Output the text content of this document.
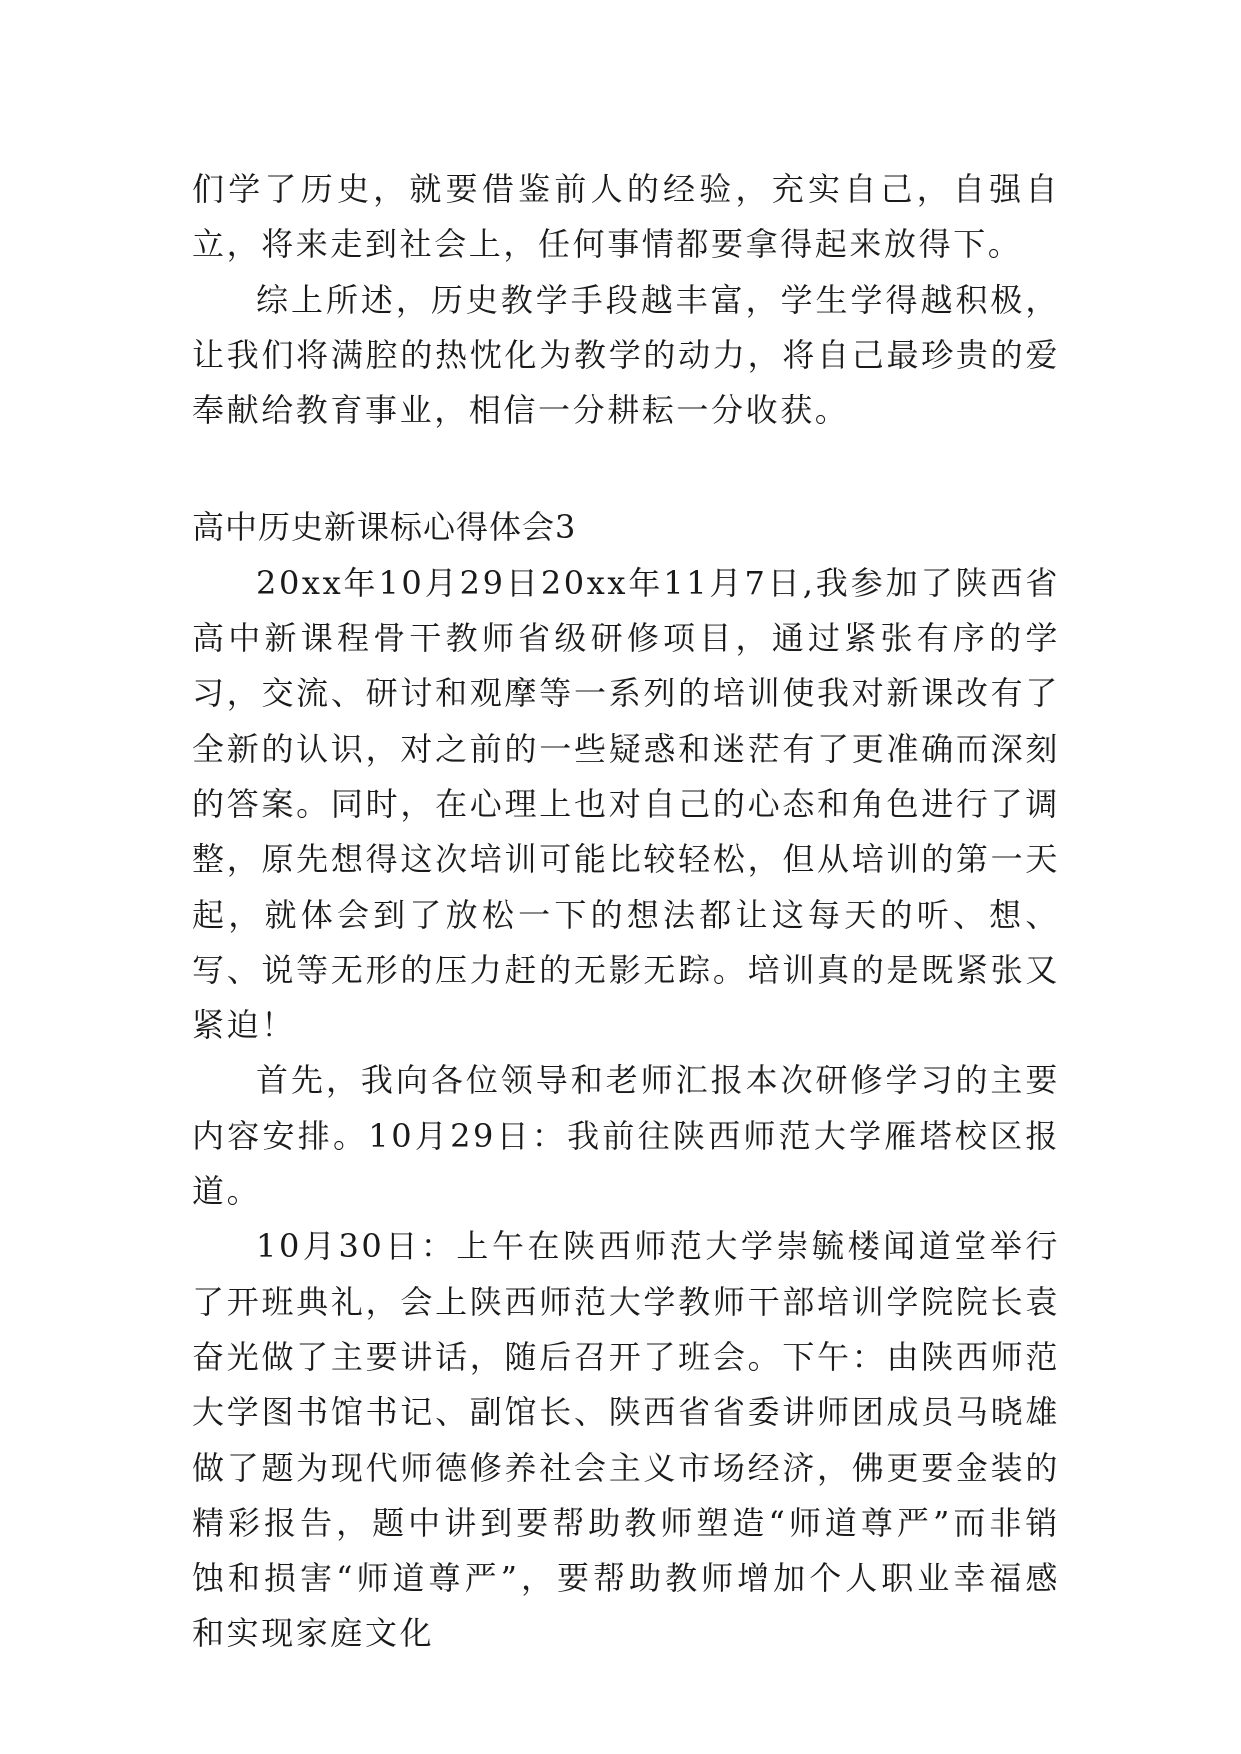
们学了历史，就要借鉴前人的经验，充实自己，自强自立，将来走到社会上，任何事情都要拿得起来放得下。

综上所述，历史教学手段越丰富，学生学得越积极，让我们将满腔的热忱化为教学的动力，将自己最珍贵的爱奉献给教育事业，相信一分耕耘一分收获。

高中历史新课标心得体会3

20xx年10月29日20xx年11月7日,我参加了陕西省高中新课程骨干教师省级研修项目，通过紧张有序的学习，交流、研讨和观摩等一系列的培训使我对新课改有了全新的认识，对之前的一些疑惑和迷茫有了更准确而深刻的答案。同时，在心理上也对自己的心态和角色进行了调整，原先想得这次培训可能比较轻松，但从培训的第一天起，就体会到了放松一下的想法都让这每天的听、想、写、说等无形的压力赶的无影无踪。培训真的是既紧张又紧迫！

首先，我向各位领导和老师汇报本次研修学习的主要内容安排。10月29日：我前往陕西师范大学雁塔校区报道。

10月30日：上午在陕西师范大学崇毓楼闻道堂举行了开班典礼，会上陕西师范大学教师干部培训学院院长袁奋光做了主要讲话，随后召开了班会。下午：由陕西师范大学图书馆书记、副馆长、陕西省省委讲师团成员马晓雄做了题为现代师德修养社会主义市场经济，佛更要金装的精彩报告，题中讲到要帮助教师塑造“师道尊严”而非销蚀和损害“师道尊严”，要帮助教师增加个人职业幸福感和实现家庭文化
